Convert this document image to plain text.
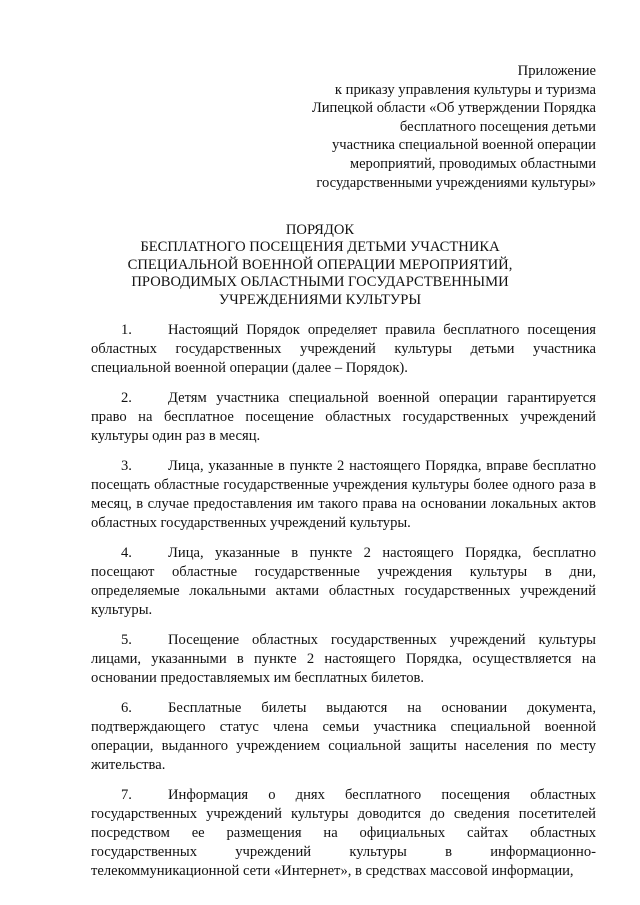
Приложение
к приказу управления культуры и туризма
Липецкой области «Об утверждении Порядка
бесплатного посещения детьми
участника специальной военной операции
мероприятий, проводимых областными
государственными учреждениями культуры»
ПОРЯДОК
БЕСПЛАТНОГО ПОСЕЩЕНИЯ ДЕТЬМИ УЧАСТНИКА
СПЕЦИАЛЬНОЙ ВОЕННОЙ ОПЕРАЦИИ МЕРОПРИЯТИЙ,
ПРОВОДИМЫХ ОБЛАСТНЫМИ ГОСУДАРСТВЕННЫМИ
УЧРЕЖДЕНИЯМИ КУЛЬТУРЫ

1. Настоящий Порядок определяет правила бесплатного посещения областных государственных учреждений культуры детьми участника специальной военной операции (далее – Порядок).

2. Детям участника специальной военной операции гарантируется право на бесплатное посещение областных государственных учреждений культуры один раз в месяц.

3. Лица, указанные в пункте 2 настоящего Порядка, вправе бесплатно посещать областные государственные учреждения культуры более одного раза в месяц, в случае предоставления им такого права на основании локальных актов областных государственных учреждений культуры.

4. Лица, указанные в пункте 2 настоящего Порядка, бесплатно посещают областные государственные учреждения культуры в дни, определяемые локальными актами областных государственных учреждений культуры.

5. Посещение областных государственных учреждений культуры лицами, указанными в пункте 2 настоящего Порядка, осуществляется на основании предоставляемых им бесплатных билетов.

6. Бесплатные билеты выдаются на основании документа, подтверждающего статус члена семьи участника специальной военной операции, выданного учреждением социальной защиты населения по месту жительства.

7. Информация о днях бесплатного посещения областных государственных учреждений культуры доводится до сведения посетителей посредством ее размещения на официальных сайтах областных государственных учреждений культуры в информационно-телекоммуникационной сети «Интернет», в средствах массовой информации,
